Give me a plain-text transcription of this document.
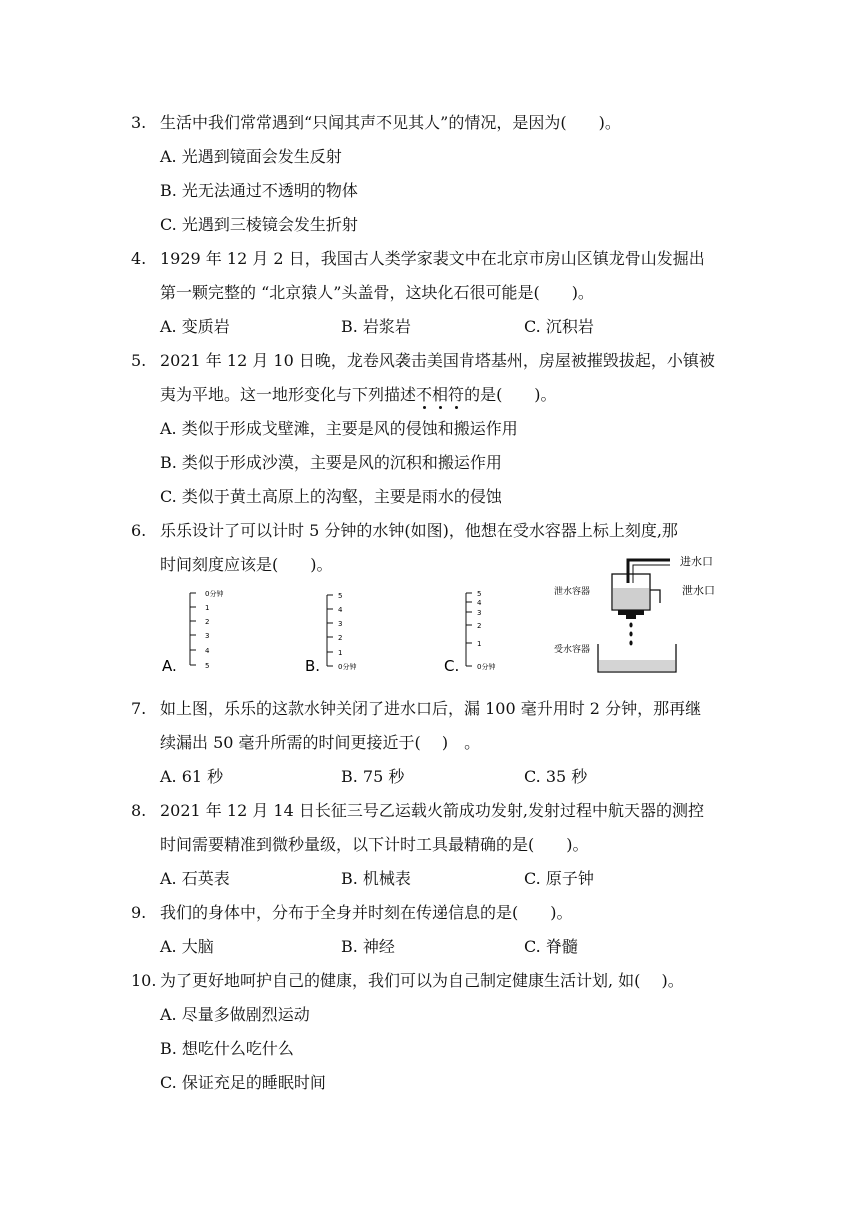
3. 生活中我们常常遇到“只闻其声不见其人”的情况，是因为(　　)。
A. 光遇到镜面会发生反射
B. 光无法通过不透明的物体
C. 光遇到三棱镜会发生折射
4. 1929 年 12 月 2 日，我国古人类学家裴文中在北京市房山区镇龙骨山发掘出
第一颗完整的 “北京猿人”头盖骨，这块化石很可能是(　　)。
A. 变质岩	B. 岩浆岩	C. 沉积岩
5. 2021 年 12 月 10 日晚，龙卷风袭击美国肯塔基州，房屋被摧毁拔起，小镇被
夷为平地。这一地形变化与下列描述不相符的是(　　)。
A. 类似于形成戈壁滩，主要是风的侵蚀和搬运作用
B. 类似于形成沙漠，主要是风的沉积和搬运作用
C. 类似于黄土高原上的沟壑，主要是雨水的侵蚀
6. 乐乐设计了可以计时 5 分钟的水钟(如图)，他想在受水容器上标上刻度,那
时间刻度应该是(　　)。
A.
0分钟
1
2
3
4
5	B.
5
4
3
2
1
0分钟	C.
5
4
3
2
1
0分钟
进水口
泄水容器	泄水口
受水容器
7. 如上图，乐乐的这款水钟关闭了进水口后，漏 100 毫升用时 2 分钟，那再继
续漏出 50 毫升所需的时间更接近于(　 )　。
A. 61 秒	B. 75 秒	C. 35 秒
8. 2021 年 12 月 14 日长征三号乙运载火箭成功发射,发射过程中航天器的测控
时间需要精准到微秒量级，以下计时工具最精确的是(　　)。
A. 石英表	B. 机械表	C. 原子钟
9. 我们的身体中，分布于全身并时刻在传递信息的是(　　)。
A. 大脑	B. 神经	C. 脊髓
10. 为了更好地呵护自己的健康，我们可以为自己制定健康生活计划, 如(　 )。
A. 尽量多做剧烈运动
B. 想吃什么吃什么
C. 保证充足的睡眠时间
